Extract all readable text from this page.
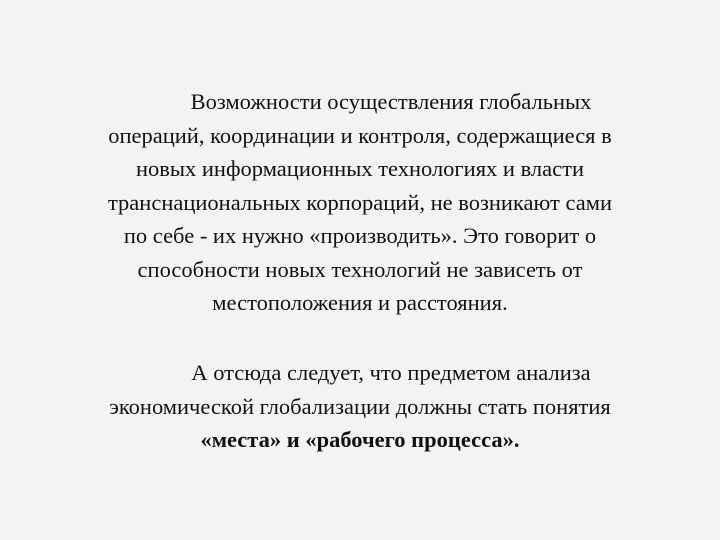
Возможности осуществления глобальных
операций, координации и контроля, содержащиеся в
новых информационных технологиях и власти
транснациональных корпораций, не возникают сами
по себе - их нужно «производить». Это говорит о
способности новых технологий не зависеть от
местоположения и расстояния.
А отсюда следует, что предметом анализа
экономической глобализации должны стать понятия
«места» и «рабочего процесса».
